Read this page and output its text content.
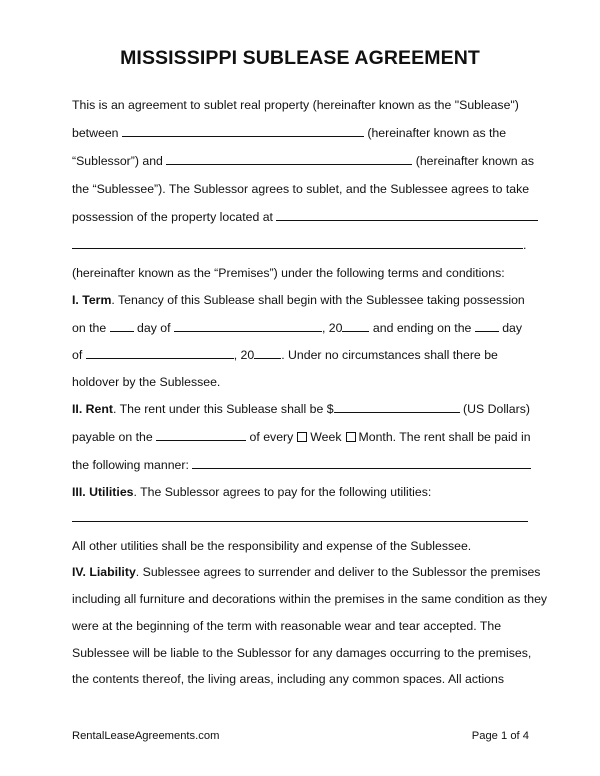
MISSISSIPPI SUBLEASE AGREEMENT
This is an agreement to sublet real property (hereinafter known as the "Sublease")
between	(hereinafter known as the
“Sublessor”) and	(hereinafter known as
the “Sublessee”). The Sublessor agrees to sublet, and the Sublessee agrees to take
possession of the property located at
.
(hereinafter known as the “Premises”) under the following terms and conditions:
I. Term. Tenancy of this Sublease shall begin with the Sublessee taking possession
on the	day of	, 20 and ending on the	day
of	, 20 . Under no circumstances shall there be
holdover by the Sublessee.
II. Rent. The rent under this Sublease shall be $	(US Dollars)
payable on the	of every Week Month. The rent shall be paid in
the following manner:
III. Utilities. The Sublessor agrees to pay for the following utilities:
All other utilities shall be the responsibility and expense of the Sublessee.
IV. Liability. Sublessee agrees to surrender and deliver to the Sublessor the premises
including all furniture and decorations within the premises in the same condition as they
were at the beginning of the term with reasonable wear and tear accepted. The
Sublessee will be liable to the Sublessor for any damages occurring to the premises,
the contents thereof, the living areas, including any common spaces. All actions
RentalLeaseAgreements.com	Page 1 of 4
